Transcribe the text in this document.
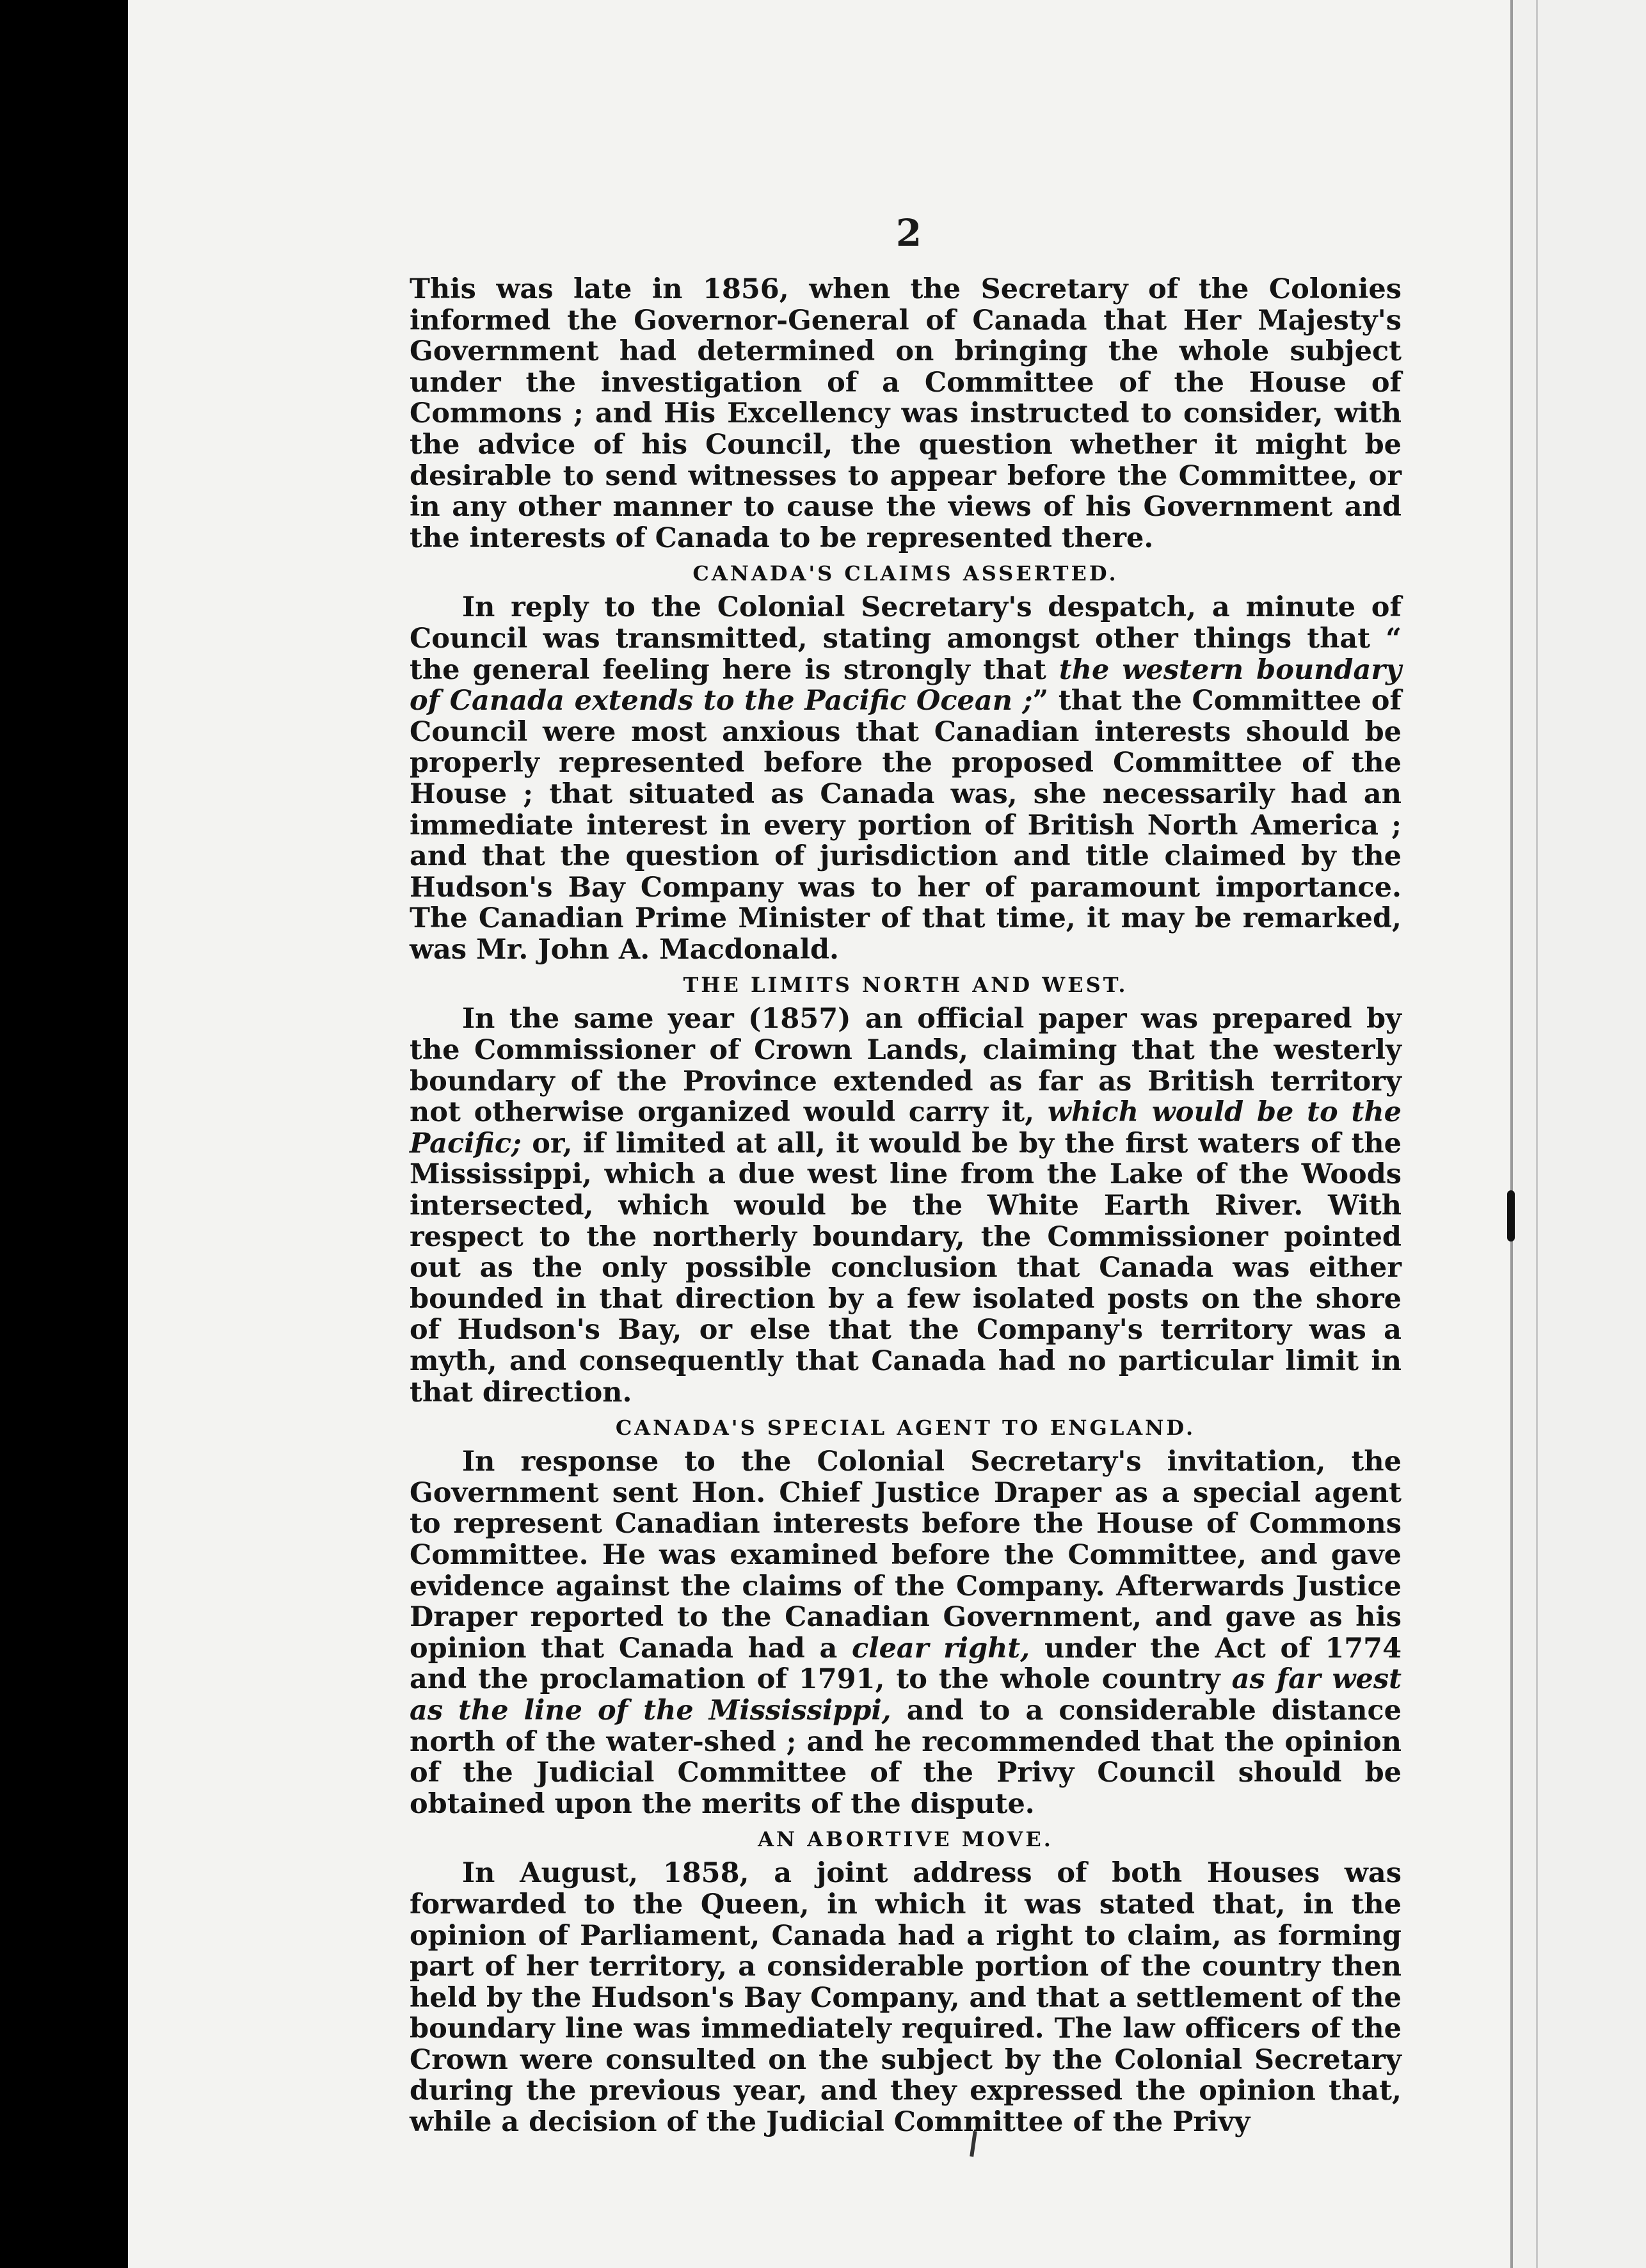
2

This was late in 1856, when the Secretary of the Colonies informed the Governor-General of Canada that Her Majesty's Government had determined on bringing the whole subject under the investigation of a Committee of the House of Commons ; and His Excellency was instructed to consider, with the advice of his Council, the question whether it might be desirable to send witnesses to appear before the Committee, or in any other manner to cause the views of his Government and the interests of Canada to be represented there.

CANADA'S CLAIMS ASSERTED.

In reply to the Colonial Secretary's despatch, a minute of Council was transmitted, stating amongst other things that “ the general feeling here is strongly that the western boundary of Canada extends to the Pacific Ocean ;” that the Committee of Council were most anxious that Canadian interests should be properly represented before the proposed Committee of the House ; that situated as Canada was, she necessarily had an immediate interest in every portion of British North America ; and that the question of jurisdiction and title claimed by the Hudson's Bay Company was to her of paramount importance. The Canadian Prime Minister of that time, it may be remarked, was Mr. John A. Macdonald.

THE LIMITS NORTH AND WEST.

In the same year (1857) an official paper was prepared by the Commissioner of Crown Lands, claiming that the westerly boundary of the Province extended as far as British territory not otherwise organized would carry it, which would be to the Pacific; or, if limited at all, it would be by the first waters of the Mississippi, which a due west line from the Lake of the Woods intersected, which would be the White Earth River. With respect to the northerly boundary, the Commissioner pointed out as the only possible conclusion that Canada was either bounded in that direction by a few isolated posts on the shore of Hudson's Bay, or else that the Company's territory was a myth, and consequently that Canada had no particular limit in that direction.

CANADA'S SPECIAL AGENT TO ENGLAND.

In response to the Colonial Secretary's invitation, the Government sent Hon. Chief Justice Draper as a special agent to represent Canadian interests before the House of Commons Committee. He was examined before the Committee, and gave evidence against the claims of the Company. Afterwards Justice Draper reported to the Canadian Government, and gave as his opinion that Canada had a clear right, under the Act of 1774 and the proclamation of 1791, to the whole country as far west as the line of the Mississippi, and to a considerable distance north of the water-shed ; and he recommended that the opinion of the Judicial Committee of the Privy Council should be obtained upon the merits of the dispute.

AN ABORTIVE MOVE.

In August, 1858, a joint address of both Houses was forwarded to the Queen, in which it was stated that, in the opinion of Parliament, Canada had a right to claim, as forming part of her territory, a considerable portion of the country then held by the Hudson's Bay Company, and that a settlement of the boundary line was immediately required. The law officers of the Crown were consulted on the subject by the Colonial Secretary during the previous year, and they expressed the opinion that, while a decision of the Judicial Committee of the Privy
